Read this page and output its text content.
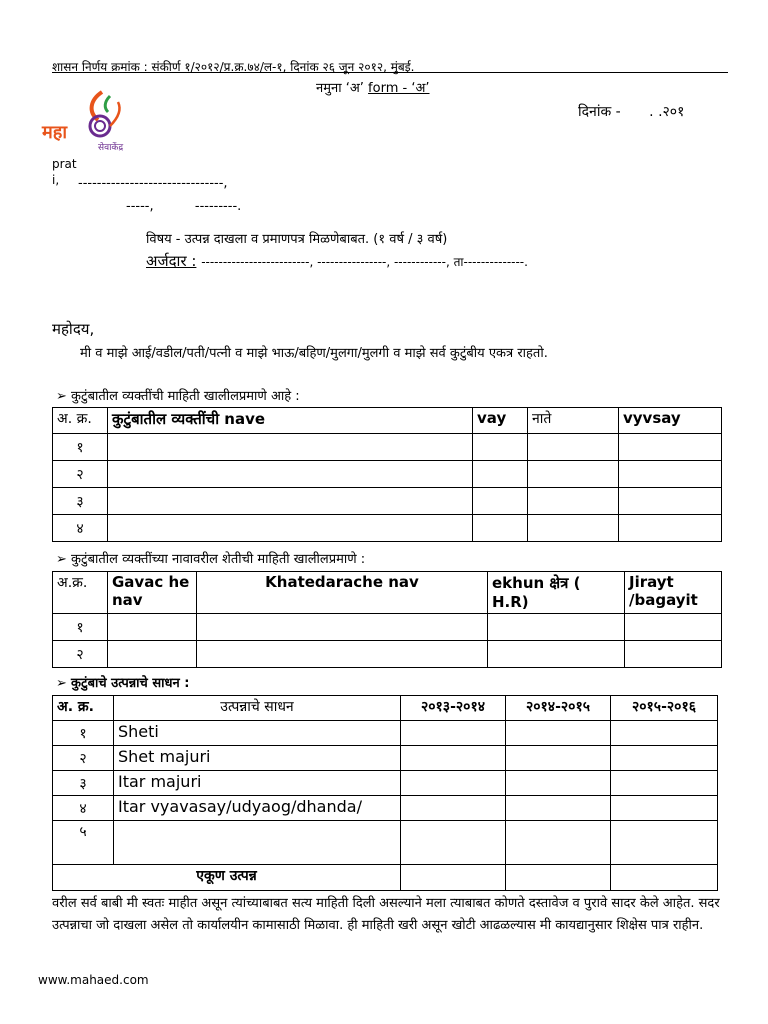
शासन निर्णय क्रमांक : संकीर्ण १/२०१२/प्र.क्र.७४/ल-१, दिनांक २६ जून २०१२, मुंबई.
नमुना ‘अ’ form - ‘अ’
दिनांक - . .२०१
महा
सेवाकेंद्र
prat
i,	-------------------------------,
-----,          ---------.
विषय - उत्पन्न दाखला व प्रमाणपत्र मिळणेबाबत. (१ वर्ष / ३ वर्ष)
अर्जदार : -------------------------, ----------------, ------------, ता--------------.
महोदय,
मी व माझे आई/वडील/पती/पत्नी व माझे भाऊ/बहिण/मुलगा/मुलगी व माझे सर्व कुटुंबीय एकत्र राहतो.
➢ कुटुंबातील व्यक्तींची माहिती खालीलप्रमाणे आहे :
अ. क्र.	कुटुंबातील व्यक्तींची nave	vay	नाते	vyvsay
१				
२				
३				
४				
➢ कुटुंबातील व्यक्तींच्या नावावरील शेतीची माहिती खालीलप्रमाणे :
अ.क्र.	Gavac he nav	Khatedarache nav	ekhun क्षेत्र ( H.R)	Jirayt /bagayit
१				
२				
➢ कुटुंबाचे उत्पन्नाचे साधन :
अ. क्र.	उत्पन्नाचे साधन	२०१३-२०१४	२०१४-२०१५	२०१५-२०१६
१	Sheti			
२	Shet majuri			
३	Itar majuri			
४	Itar vyavasay/udyaog/dhanda/			
५				
एकूण उत्पन्न				
वरील सर्व बाबी मी स्वतः माहीत असून त्यांच्याबाबत सत्य माहिती दिली असल्याने मला त्याबाबत कोणते दस्तावेज व पुरावे सादर केले आहेत. सदर उत्पन्नाचा जो दाखला असेल तो कार्यालयीन कामासाठी मिळावा. ही माहिती खरी असून खोटी आढळल्यास मी कायद्यानुसार शिक्षेस पात्र राहीन.
www.mahaed.com
